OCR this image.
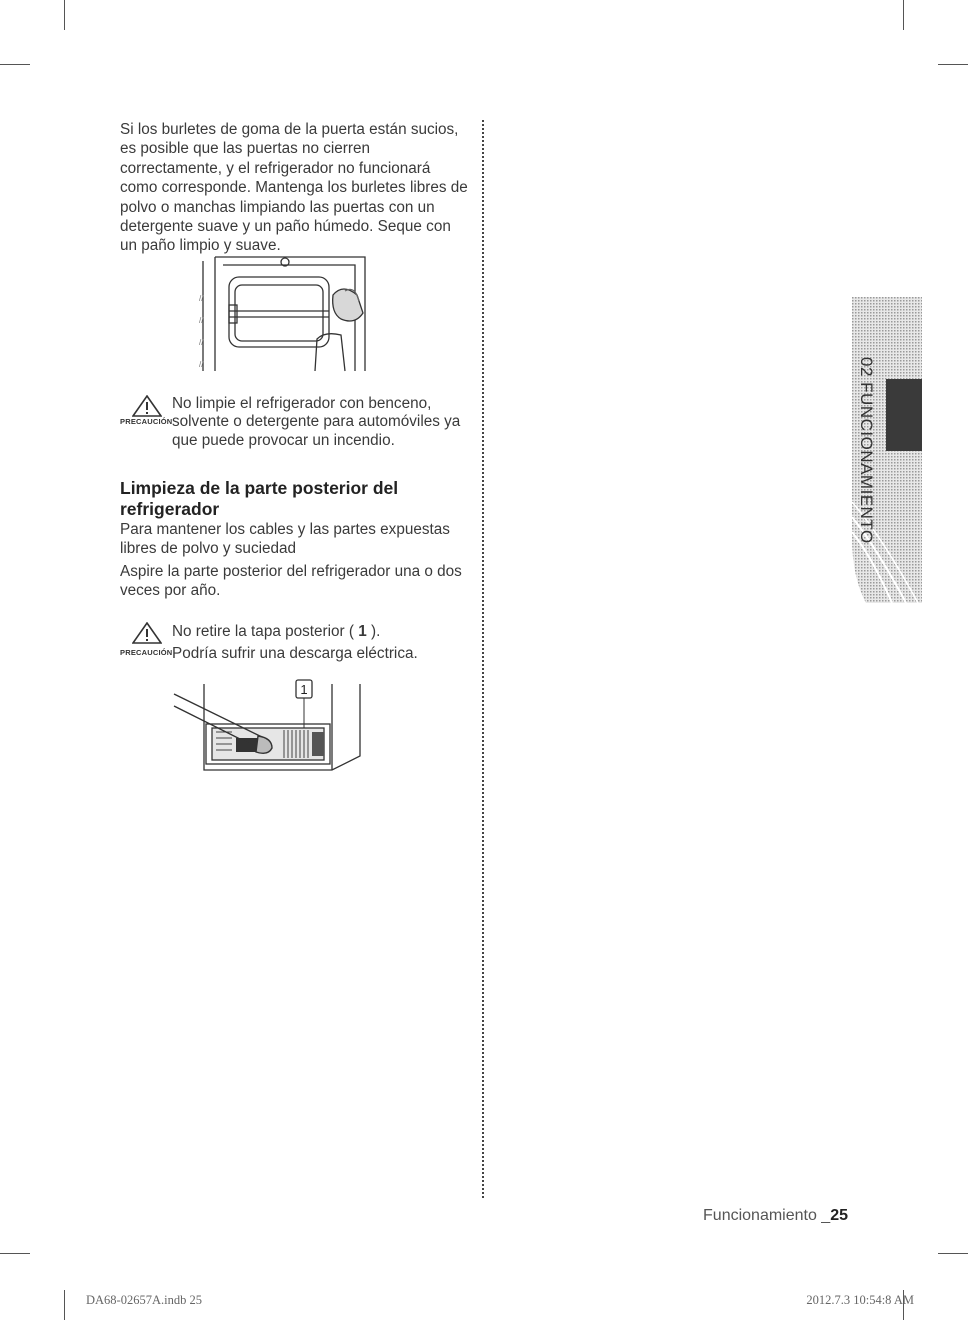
Si los burletes de goma de la puerta están sucios, es posible que las puertas no cierren correctamente, y el refrigerador no funcionará como corresponde. Mantenga los burletes libres de polvo o manchas limpiando las puertas con un detergente suave y un paño húmedo. Seque con un paño limpio y suave.

//
//
//
//
PRECAUCIÓN
No limpie el refrigerador con benceno,
solvente o detergente para automóviles ya
que puede provocar un incendio.
Limpieza de la parte posterior del
refrigerador

Para mantener los cables y las partes expuestas libres de polvo y suciedad

Aspire la parte posterior del refrigerador una o dos veces por año.

PRECAUCIÓN
No retire la tapa posterior ( 1 ).
Podría sufrir una descarga eléctrica.
1
02 FUNCIONAMIENTO
Funcionamiento _25
DA68-02657A.indb 25	2012.7.3 10:54:8 AM
